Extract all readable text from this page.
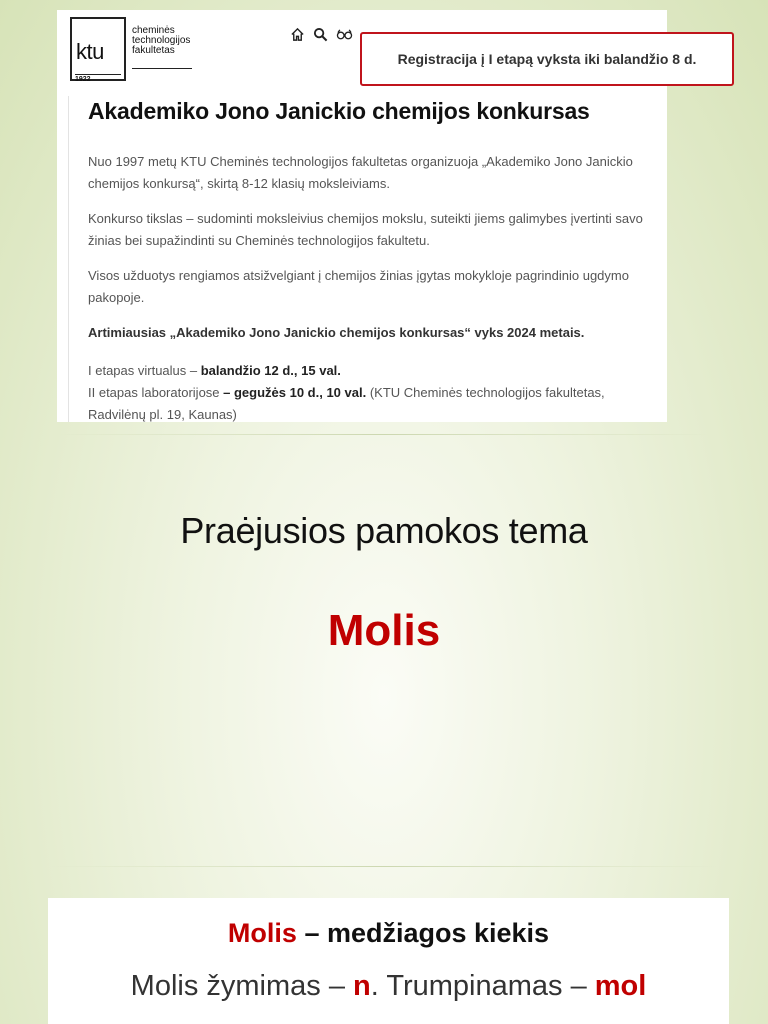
ktu
1922
cheminės
technologijos
fakultetas
Akademiko Jono Janickio chemijos konkursas

Nuo 1997 metų KTU Cheminės technologijos fakultetas organizuoja „Akademiko Jono Janickio chemijos konkursą“, skirtą 8-12 klasių moksleiviams.

Konkurso tikslas – sudominti moksleivius chemijos mokslu, suteikti jiems galimybes įvertinti savo žinias bei supažindinti su Cheminės technologijos fakultetu.

Visos užduotys rengiamos atsižvelgiant į chemijos žinias įgytas mokykloje pagrindinio ugdymo pakopoje.

Artimiausias „Akademiko Jono Janickio chemijos konkursas“ vyks 2024 metais.

I etapas virtualus – balandžio 12 d., 15 val.
II etapas laboratorijose – gegužės 10 d., 10 val. (KTU Cheminės technologijos fakultetas, Radvilėnų pl. 19, Kaunas)

Registracija į I etapą vyksta iki balandžio 8 d.
Praėjusios pamokos tema
Molis
Molis – medžiagos kiekis
Molis žymimas – n. Trumpinamas – mol
